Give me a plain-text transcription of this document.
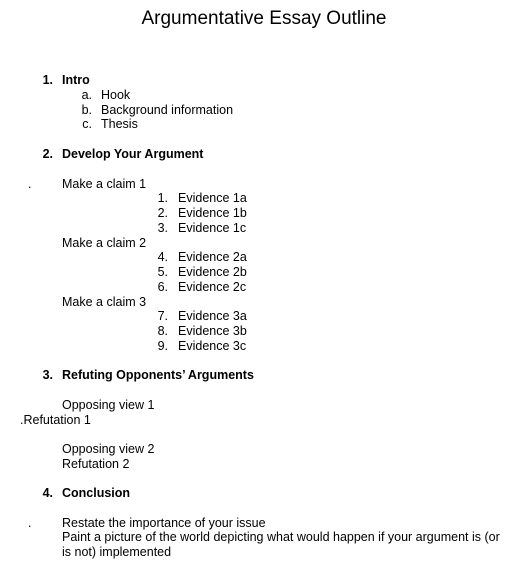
Argumentative Essay Outline
1. Intro
a. Hook
b. Background information
c. Thesis
2. Develop Your Argument
. Make a claim 1
1. Evidence 1a
2. Evidence 1b
3. Evidence 1c
Make a claim 2
4. Evidence 2a
5. Evidence 2b
6. Evidence 2c
Make a claim 3
7. Evidence 3a
8. Evidence 3b
9. Evidence 3c
3. Refuting Opponents’ Arguments
Opposing view 1
.Refutation 1
Opposing view 2
Refutation 2
4. Conclusion
. Restate the importance of your issue
Paint a picture of the world depicting what would happen if your argument is (or
is not) implemented
